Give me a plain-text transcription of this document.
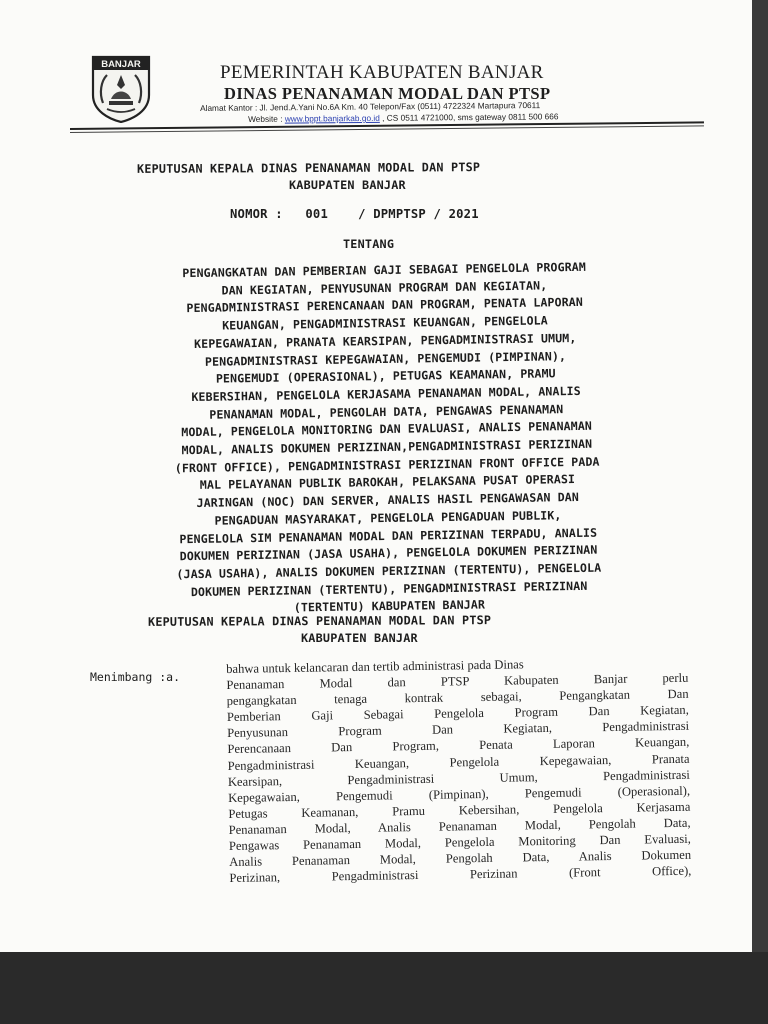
BANJAR	PEMERINTAH KABUPATEN BANJAR
DINAS PENANAMAN MODAL DAN PTSP
Alamat Kantor : Jl. Jend.A.Yani No.6A Km. 40 Telepon/Fax (0511) 4722324 Martapura 70611
Website : www.bppt.banjarkab.go.id , CS 0511 4721000, sms gateway 0811 500 666
KEPUTUSAN KEPALA DINAS PENANAMAN MODAL DAN PTSP
KABUPATEN BANJAR
NOMOR :   001    / DPMPTSP / 2021
TENTANG
PENGANGKATAN DAN PEMBERIAN GAJI SEBAGAI PENGELOLA PROGRAM
DAN KEGIATAN, PENYUSUNAN PROGRAM DAN KEGIATAN,
PENGADMINISTRASI PERENCANAAN DAN PROGRAM, PENATA LAPORAN
KEUANGAN, PENGADMINISTRASI KEUANGAN, PENGELOLA
KEPEGAWAIAN, PRANATA KEARSIPAN, PENGADMINISTRASI UMUM,
PENGADMINISTRASI KEPEGAWAIAN, PENGEMUDI (PIMPINAN),
PENGEMUDI (OPERASIONAL), PETUGAS KEAMANAN, PRAMU
KEBERSIHAN, PENGELOLA KERJASAMA PENANAMAN MODAL, ANALIS
PENANAMAN MODAL, PENGOLAH DATA, PENGAWAS PENANAMAN
MODAL, PENGELOLA MONITORING DAN EVALUASI, ANALIS PENANAMAN
MODAL, ANALIS DOKUMEN PERIZINAN,PENGADMINISTRASI PERIZINAN
(FRONT OFFICE), PENGADMINISTRASI PERIZINAN FRONT OFFICE PADA
MAL PELAYANAN PUBLIK BAROKAH, PELAKSANA PUSAT OPERASI
JARINGAN (NOC) DAN SERVER, ANALIS HASIL PENGAWASAN DAN
PENGADUAN MASYARAKAT, PENGELOLA PENGADUAN PUBLIK,
PENGELOLA SIM PENANAMAN MODAL DAN PERIZINAN TERPADU, ANALIS
DOKUMEN PERIZINAN (JASA USAHA), PENGELOLA DOKUMEN PERIZINAN
(JASA USAHA), ANALIS DOKUMEN PERIZINAN (TERTENTU), PENGELOLA
DOKUMEN PERIZINAN (TERTENTU), PENGADMINISTRASI PERIZINAN
(TERTENTU) KABUPATEN BANJAR
KEPUTUSAN KEPALA DINAS PENANAMAN MODAL DAN PTSP
KABUPATEN BANJAR
Menimbang :a.
bahwa untuk kelancaran dan tertib administrasi pada Dinas
Penanaman Modal dan PTSP Kabupaten Banjar perlu
pengangkatan tenaga kontrak sebagai, Pengangkatan Dan
Pemberian Gaji Sebagai Pengelola Program Dan Kegiatan,
Penyusunan Program Dan Kegiatan, Pengadministrasi
Perencanaan Dan Program, Penata Laporan Keuangan,
Pengadministrasi Keuangan, Pengelola Kepegawaian, Pranata
Kearsipan, Pengadministrasi Umum, Pengadministrasi
Kepegawaian, Pengemudi (Pimpinan), Pengemudi (Operasional),
Petugas Keamanan, Pramu Kebersihan, Pengelola Kerjasama
Penanaman Modal, Analis Penanaman Modal, Pengolah Data,
Pengawas Penanaman Modal, Pengelola Monitoring Dan Evaluasi,
Analis Penanaman Modal, Pengolah Data, Analis Dokumen
Perizinan, Pengadministrasi Perizinan (Front Office),
